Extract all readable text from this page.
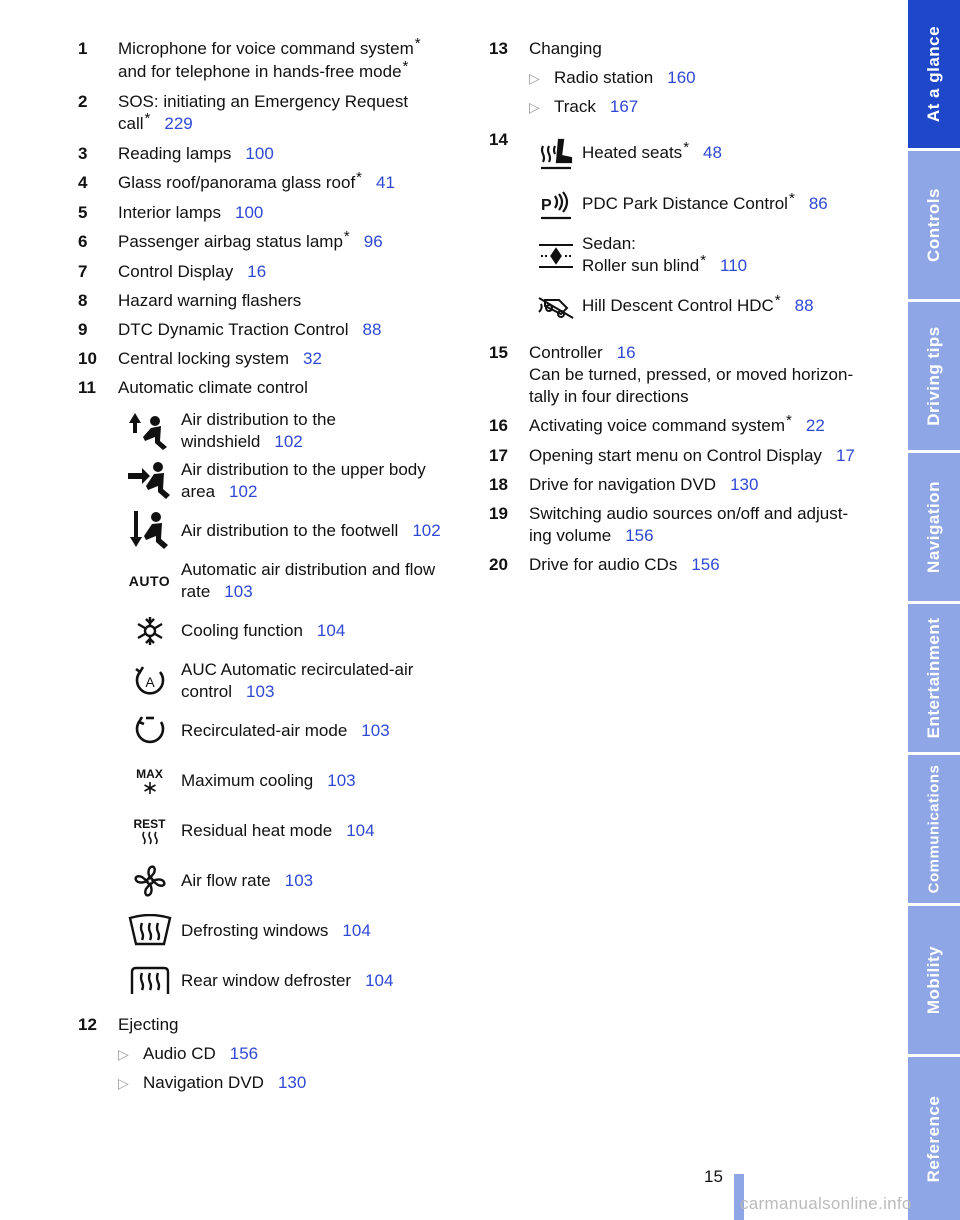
1	Microphone for voice command system*
and for telephone in hands-free mode*
2	SOS: initiating an Emergency Request
call* 229
3	Reading lamps 100
4	Glass roof/panorama glass roof* 41
5	Interior lamps 100
6	Passenger airbag status lamp* 96
7	Control Display 16
8	Hazard warning flashers
9	DTC Dynamic Traction Control 88
10	Central locking system 32
11	Automatic climate control
Air distribution to the
windshield 102
Air distribution to the upper body
area 102
Air distribution to the footwell 102
AUTO
Automatic air distribution and flow
rate 103
Cooling function 104
A
AUC Automatic recirculated-air
control 103
Recirculated-air mode 103
MAX Maximum cooling 103
REST Residual heat mode 104
Air flow rate 103
Defrosting windows 104
Rear window defroster 104
12	Ejecting
▷ Audio CD 156
▷ Navigation DVD 130
13	Changing
▷ Radio station 160
▷ Track 167
14
Heated seats* 48
P PDC Park Distance Control* 86
Sedan:
Roller sun blind* 110
Hill Descent Control HDC* 88
15	Controller 16
Can be turned, pressed, or moved horizon-
tally in four directions
16	Activating voice command system* 22
17	Opening start menu on Control Display 17
18	Drive for navigation DVD 130
19	Switching audio sources on/off and adjust-
ing volume 156
20	Drive for audio CDs 156
At a glance
Controls
Driving tips
Navigation
Entertainment
Communications
Mobility
Reference
15
carmanualsonline.info
